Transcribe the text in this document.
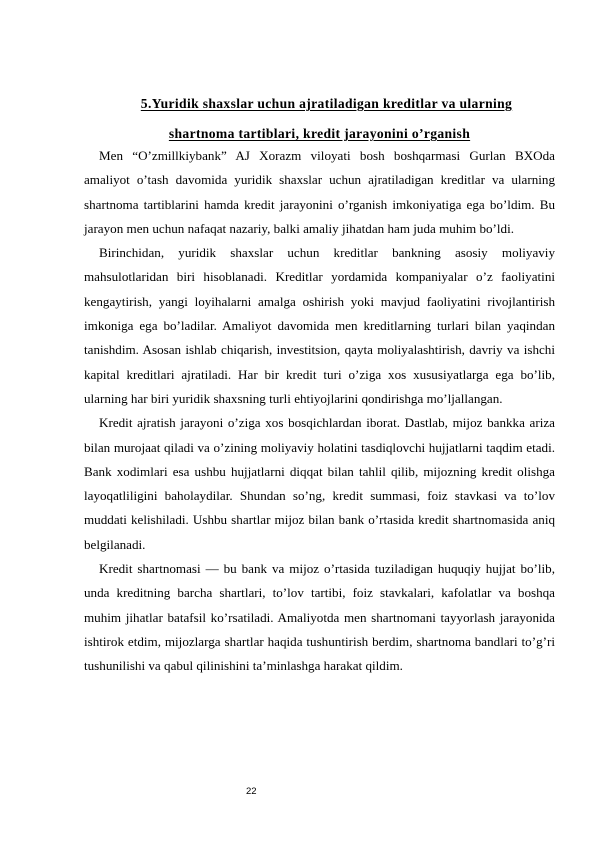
5.Yuridik shaxslar uchun ajratiladigan kreditlar va ularning
shartnoma tartiblari, kredit jarayonini o’rganish

Men “O’zmillkiybank” AJ Xorazm viloyati bosh boshqarmasi Gurlan BXOda amaliyot o’tash davomida yuridik shaxslar uchun ajratiladigan kreditlar va ularning shartnoma tartiblarini hamda kredit jarayonini o’rganish imkoniyatiga ega bo’ldim. Bu jarayon men uchun nafaqat nazariy, balki amaliy jihatdan ham juda muhim bo’ldi.

Birinchidan, yuridik shaxslar uchun kreditlar bankning asosiy moliyaviy mahsulotlaridan biri hisoblanadi. Kreditlar yordamida kompaniyalar o’z faoliyatini kengaytirish, yangi loyihalarni amalga oshirish yoki mavjud faoliyatini rivojlantirish imkoniga ega bo’ladilar. Amaliyot davomida men kreditlarning turlari bilan yaqindan tanishdim. Asosan ishlab chiqarish, investitsion, qayta moliyalashtirish, davriy va ishchi kapital kreditlari ajratiladi. Har bir kredit turi o’ziga xos xususiyatlarga ega bo’lib, ularning har biri yuridik shaxsning turli ehtiyojlarini qondirishga mo’ljallangan.

Kredit ajratish jarayoni o’ziga xos bosqichlardan iborat. Dastlab, mijoz bankka ariza bilan murojaat qiladi va o’zining moliyaviy holatini tasdiqlovchi hujjatlarni taqdim etadi. Bank xodimlari esa ushbu hujjatlarni diqqat bilan tahlil qilib, mijozning kredit olishga layoqatliligini baholaydilar. Shundan so’ng, kredit summasi, foiz stavkasi va to’lov muddati kelishiladi. Ushbu shartlar mijoz bilan bank o’rtasida kredit shartnomasida aniq belgilanadi.

Kredit shartnomasi — bu bank va mijoz o’rtasida tuziladigan huquqiy hujjat bo’lib, unda kreditning barcha shartlari, to’lov tartibi, foiz stavkalari, kafolatlar va boshqa muhim jihatlar batafsil ko’rsatiladi. Amaliyotda men shartnomani tayyorlash jarayonida ishtirok etdim, mijozlarga shartlar haqida tushuntirish berdim, shartnoma bandlari to’g’ri tushunilishi va qabul qilinishini ta’minlashga harakat qildim.

22
